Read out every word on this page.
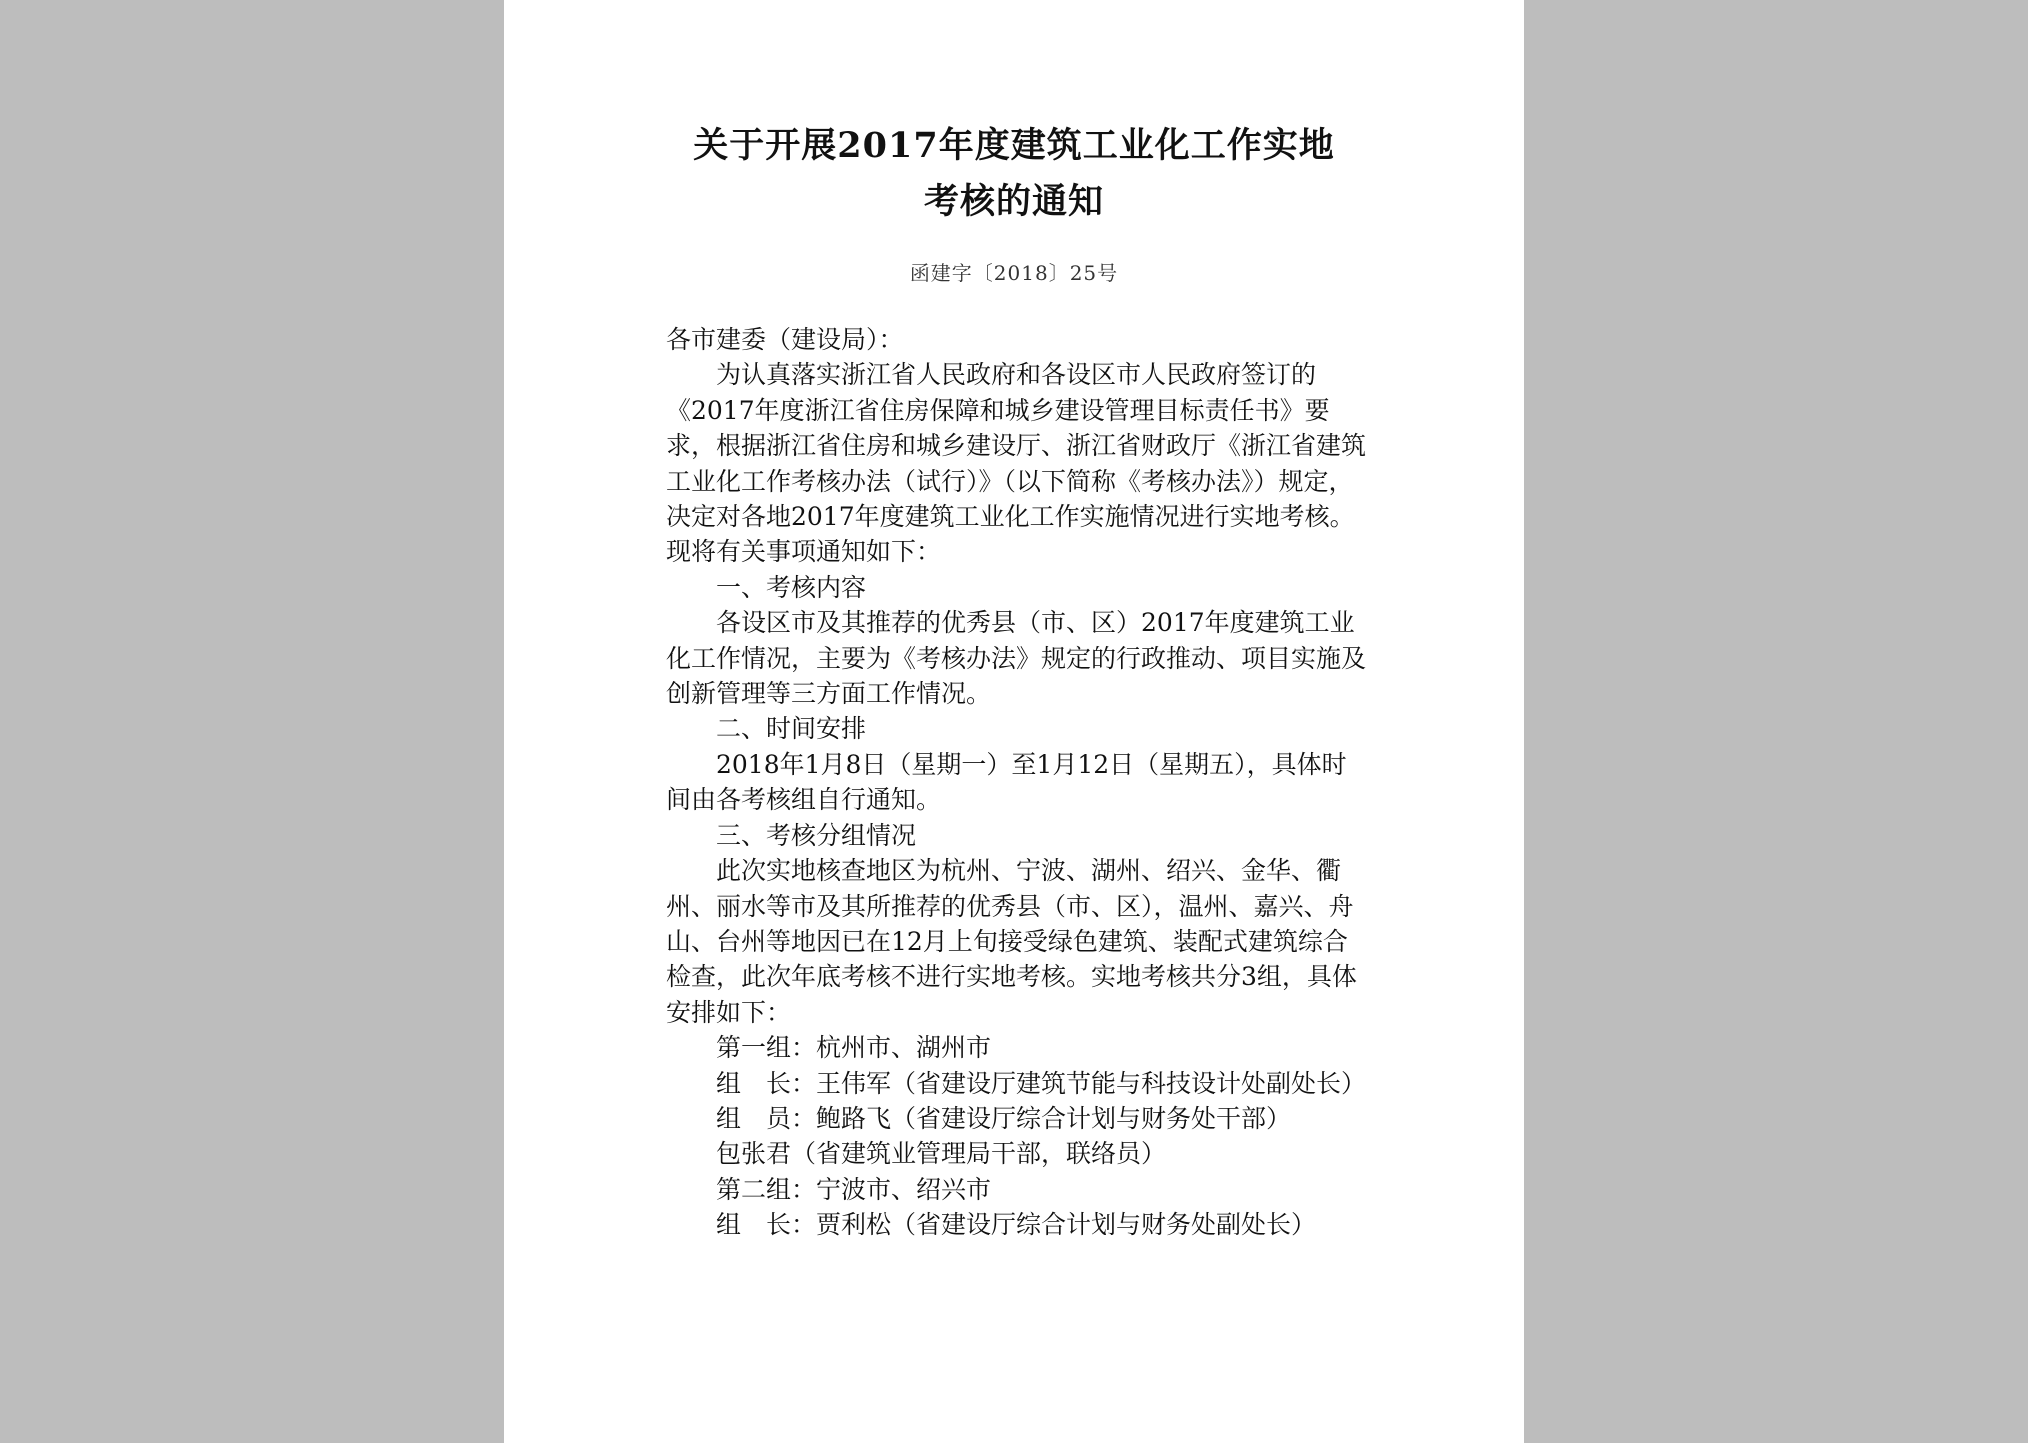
关于开展2017年度建筑工业化工作实地
考核的通知
函建字〔2018〕25号

各市建委（建设局）：

为认真落实浙江省人民政府和各设区市人民政府签订的《2017年度浙江省住房保障和城乡建设管理目标责任书》要求，根据浙江省住房和城乡建设厅、浙江省财政厅《浙江省建筑工业化工作考核办法（试行）》（以下简称《考核办法》）规定，决定对各地2017年度建筑工业化工作实施情况进行实地考核。现将有关事项通知如下：

一、考核内容

各设区市及其推荐的优秀县（市、区）2017年度建筑工业化工作情况，主要为《考核办法》规定的行政推动、项目实施及创新管理等三方面工作情况。

二、时间安排

2018年1月8日（星期一）至1月12日（星期五），具体时间由各考核组自行通知。

三、考核分组情况

此次实地核查地区为杭州、宁波、湖州、绍兴、金华、衢州、丽水等市及其所推荐的优秀县（市、区），温州、嘉兴、舟山、台州等地因已在12月上旬接受绿色建筑、装配式建筑综合检查，此次年底考核不进行实地考核。实地考核共分3组，具体安排如下：

第一组：杭州市、湖州市

组　长：王伟军（省建设厅建筑节能与科技设计处副处长）

组　员：鲍路飞（省建设厅综合计划与财务处干部）

包张君（省建筑业管理局干部，联络员）

第二组：宁波市、绍兴市

组　长：贾利松（省建设厅综合计划与财务处副处长）
